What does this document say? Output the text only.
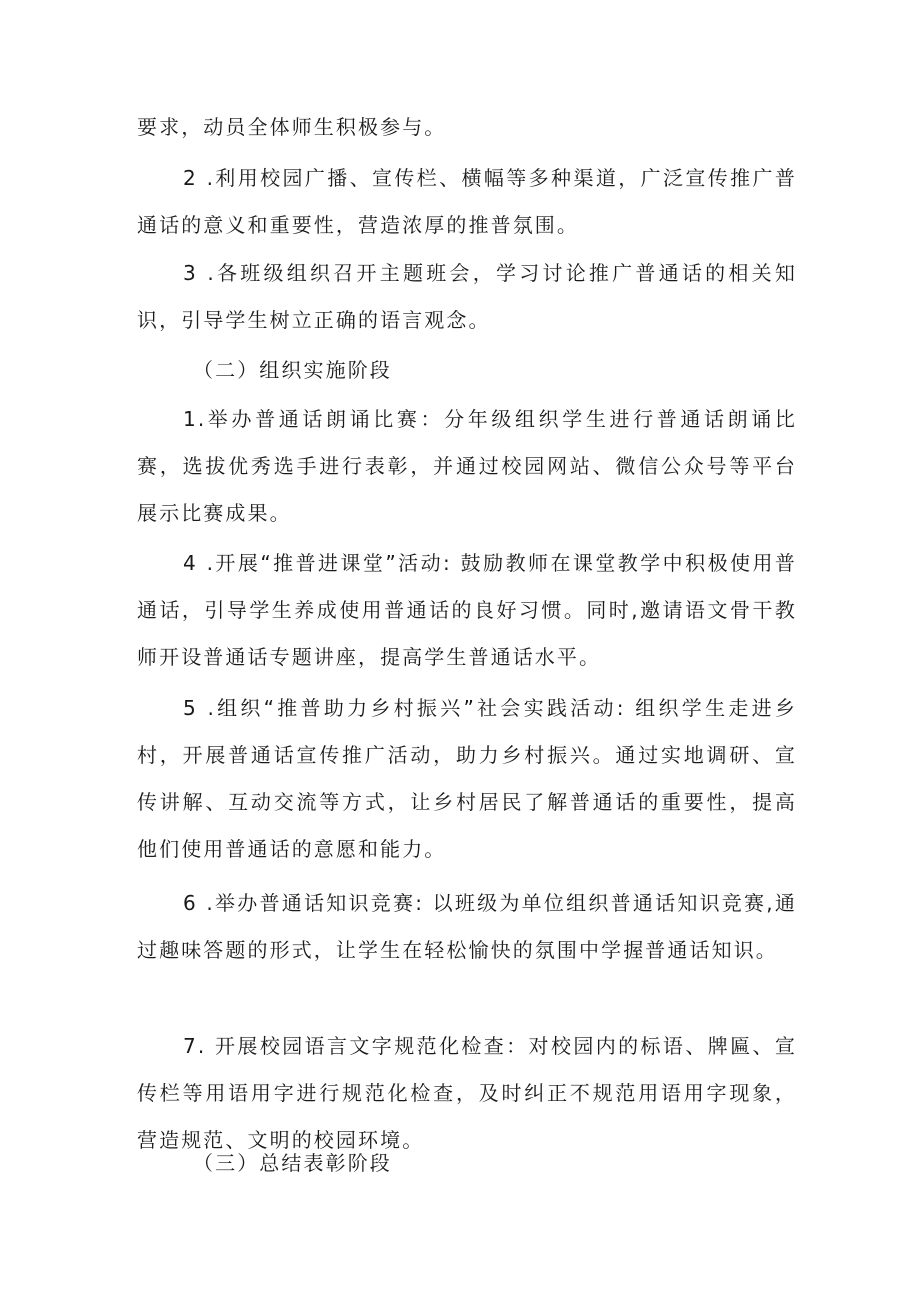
要求，动员全体师生积极参与。

2 .利用校园广播、宣传栏、横幅等多种渠道，广泛宣传推广普通话的意义和重要性，营造浓厚的推普氛围。

3 .各班级组织召开主题班会，学习讨论推广普通话的相关知识，引导学生树立正确的语言观念。

（二）组织实施阶段

1.举办普通话朗诵比赛：分年级组织学生进行普通话朗诵比赛，选拔优秀选手进行表彰，并通过校园网站、微信公众号等平台展示比赛成果。

4 .开展“推普进课堂”活动: 鼓励教师在课堂教学中积极使用普通话，引导学生养成使用普通话的良好习惯。同时,邀请语文骨干教师开设普通话专题讲座，提高学生普通话水平。

5 .组织“推普助力乡村振兴”社会实践活动: 组织学生走进乡村，开展普通话宣传推广活动，助力乡村振兴。通过实地调研、宣传讲解、互动交流等方式，让乡村居民了解普通话的重要性，提高他们使用普通话的意愿和能力。

6 .举办普通话知识竞赛: 以班级为单位组织普通话知识竞赛,通过趣味答题的形式，让学生在轻松愉快的氛围中学握普通话知识。

7. 开展校园语言文字规范化检查：对校园内的标语、牌匾、宣传栏等用语用字进行规范化检查，及时纠正不规范用语用字现象，营造规范、文明的校园环境。

（三）总结表彰阶段
